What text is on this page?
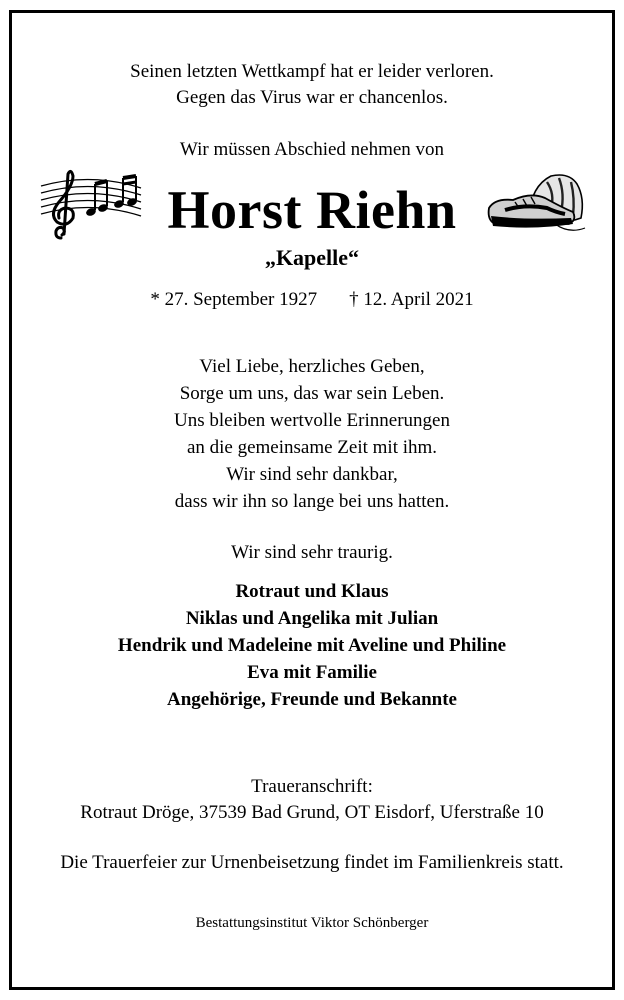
Seinen letzten Wettkampf hat er leider verloren.
Gegen das Virus war er chancenlos.
Wir müssen Abschied nehmen von
Horst Riehn
„Kapelle“
* 27. September 1927 † 12. April 2021
Viel Liebe, herzliches Geben,
Sorge um uns, das war sein Leben.
Uns bleiben wertvolle Erinnerungen
an die gemeinsame Zeit mit ihm.
Wir sind sehr dankbar,
dass wir ihn so lange bei uns hatten.
Wir sind sehr traurig.
Rotraut und Klaus
Niklas und Angelika mit Julian
Hendrik und Madeleine mit Aveline und Philine
Eva mit Familie
Angehörige, Freunde und Bekannte
Traueranschrift:
Rotraut Dröge, 37539 Bad Grund, OT Eisdorf, Uferstraße 10
Die Trauerfeier zur Urnenbeisetzung findet im Familienkreis statt.
Bestattungsinstitut Viktor Schönberger
